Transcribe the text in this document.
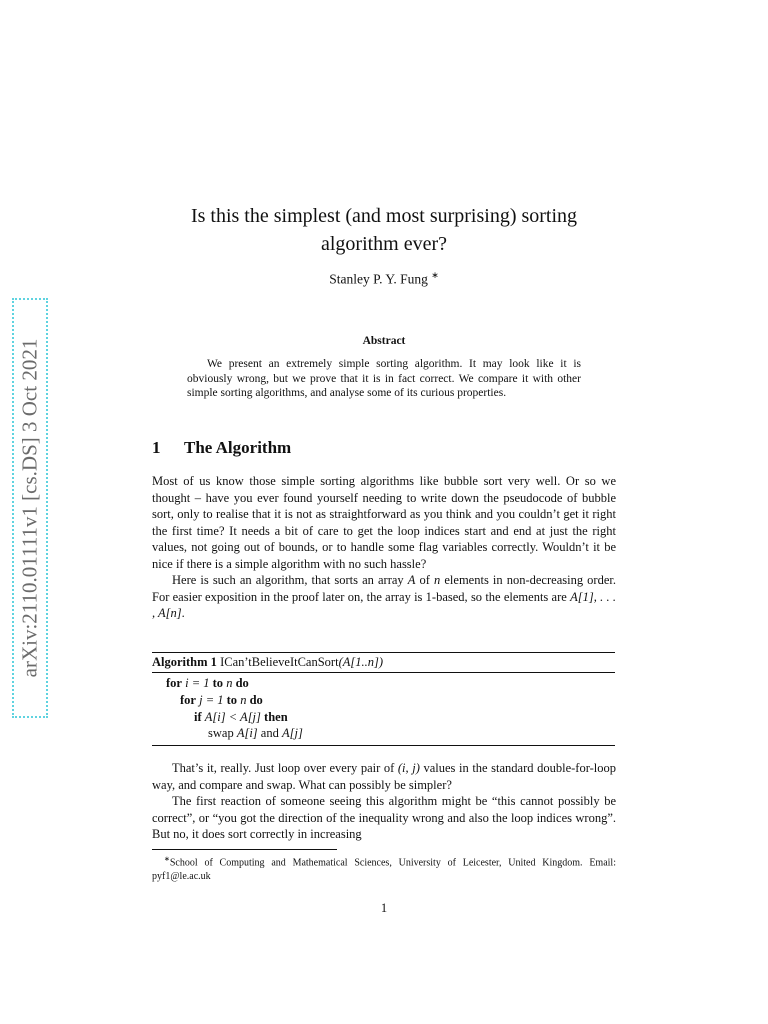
arXiv:2110.01111v1 [cs.DS] 3 Oct 2021
Is this the simplest (and most surprising) sorting
algorithm ever?
Stanley P. Y. Fung ∗
Abstract
We present an extremely simple sorting algorithm. It may look like it is obviously wrong, but we prove that it is in fact correct. We compare it with other simple sorting algorithms, and analyse some of its curious properties.
1 The Algorithm

Most of us know those simple sorting algorithms like bubble sort very well. Or so we thought – have you ever found yourself needing to write down the pseudocode of bubble sort, only to realise that it is not as straightforward as you think and you couldn’t get it right the first time? It needs a bit of care to get the loop indices start and end at just the right values, not going out of bounds, or to handle some flag variables correctly. Wouldn’t it be nice if there is a simple algorithm with no such hassle?

Here is such an algorithm, that sorts an array A of n elements in non-decreasing order. For easier exposition in the proof later on, the array is 1-based, so the elements are A[1], . . . , A[n].

Algorithm 1 ICan’tBelieveItCanSort(A[1..n])
for i = 1 to n do
for j = 1 to n do
if A[i] < A[j] then
swap A[i] and A[j]

That’s it, really. Just loop over every pair of (i, j) values in the standard double-for-loop way, and compare and swap. What can possibly be simpler?

The first reaction of someone seeing this algorithm might be “this cannot possibly be correct”, or “you got the direction of the inequality wrong and also the loop indices wrong”. But no, it does sort correctly in increasing

∗School of Computing and Mathematical Sciences, University of Leicester, United Kingdom. Email: pyf1@le.ac.uk
1
